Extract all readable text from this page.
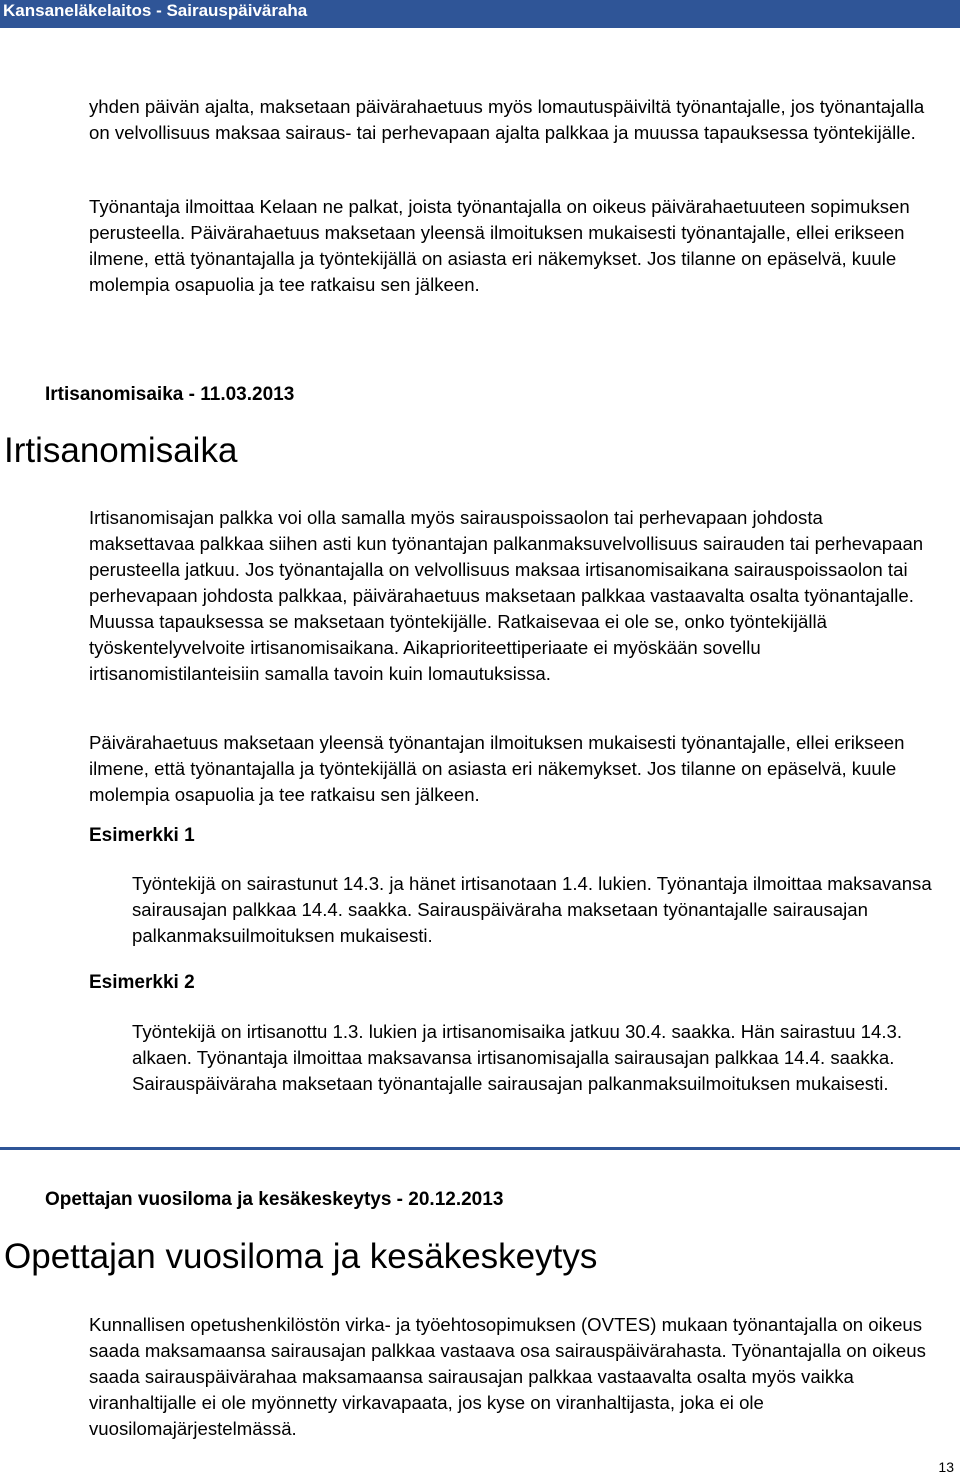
Kansaneläkelaitos - Sairauspäiväraha

yhden päivän ajalta, maksetaan päivärahaetuus myös lomautuspäiviltä työnantajalle, jos työnantajalla on velvollisuus maksaa sairaus- tai perhevapaan ajalta palkkaa ja muussa tapauksessa työntekijälle.

Työnantaja ilmoittaa Kelaan ne palkat, joista työnantajalla on oikeus päivärahaetuuteen sopimuksen perusteella. Päivärahaetuus maksetaan yleensä ilmoituksen mukaisesti työnantajalle, ellei erikseen ilmene, että työnantajalla ja työntekijällä on asiasta eri näkemykset. Jos tilanne on epäselvä, kuule molempia osapuolia ja tee ratkaisu sen jälkeen.

Irtisanomisaika - 11.03.2013
Irtisanomisaika

Irtisanomisajan palkka voi olla samalla myös sairauspoissaolon tai perhevapaan johdosta maksettavaa palkkaa siihen asti kun työnantajan palkanmaksuvelvollisuus sairauden tai perhevapaan perusteella jatkuu. Jos työnantajalla on velvollisuus maksaa irtisanomisaikana sairauspoissaolon tai perhevapaan johdosta palkkaa, päivärahaetuus maksetaan palkkaa vastaavalta osalta työnantajalle. Muussa tapauksessa se maksetaan työntekijälle. Ratkaisevaa ei ole se, onko työntekijällä työskentelyvelvoite irtisanomisaikana. Aikaprioriteettiperiaate ei myöskään sovellu irtisanomistilanteisiin samalla tavoin kuin lomautuksissa.

Päivärahaetuus maksetaan yleensä työnantajan ilmoituksen mukaisesti työnantajalle, ellei erikseen ilmene, että työnantajalla ja työntekijällä on asiasta eri näkemykset. Jos tilanne on epäselvä, kuule molempia osapuolia ja tee ratkaisu sen jälkeen.

Esimerkki 1

Työntekijä on sairastunut 14.3. ja hänet irtisanotaan 1.4. lukien. Työnantaja ilmoittaa maksavansa sairausajan palkkaa 14.4. saakka. Sairauspäiväraha maksetaan työnantajalle sairausajan palkanmaksuilmoituksen mukaisesti.

Esimerkki 2

Työntekijä on irtisanottu 1.3. lukien ja irtisanomisaika jatkuu 30.4. saakka. Hän sairastuu 14.3. alkaen. Työnantaja ilmoittaa maksavansa irtisanomisajalla sairausajan palkkaa 14.4. saakka. Sairauspäiväraha maksetaan työnantajalle sairausajan palkanmaksuilmoituksen mukaisesti.

Opettajan vuosiloma ja kesäkeskeytys - 20.12.2013
Opettajan vuosiloma ja kesäkeskeytys

Kunnallisen opetushenkilöstön virka- ja työehtosopimuksen (OVTES) mukaan työnantajalla on oikeus saada maksamaansa sairausajan palkkaa vastaava osa sairauspäivärahasta. Työnantajalla on oikeus saada sairauspäivärahaa maksamaansa sairausajan palkkaa vastaavalta osalta myös vaikka viranhaltijalle ei ole myönnetty virkavapaata, jos kyse on viranhaltijasta, joka ei ole vuosilomajärjestelmässä.

13
